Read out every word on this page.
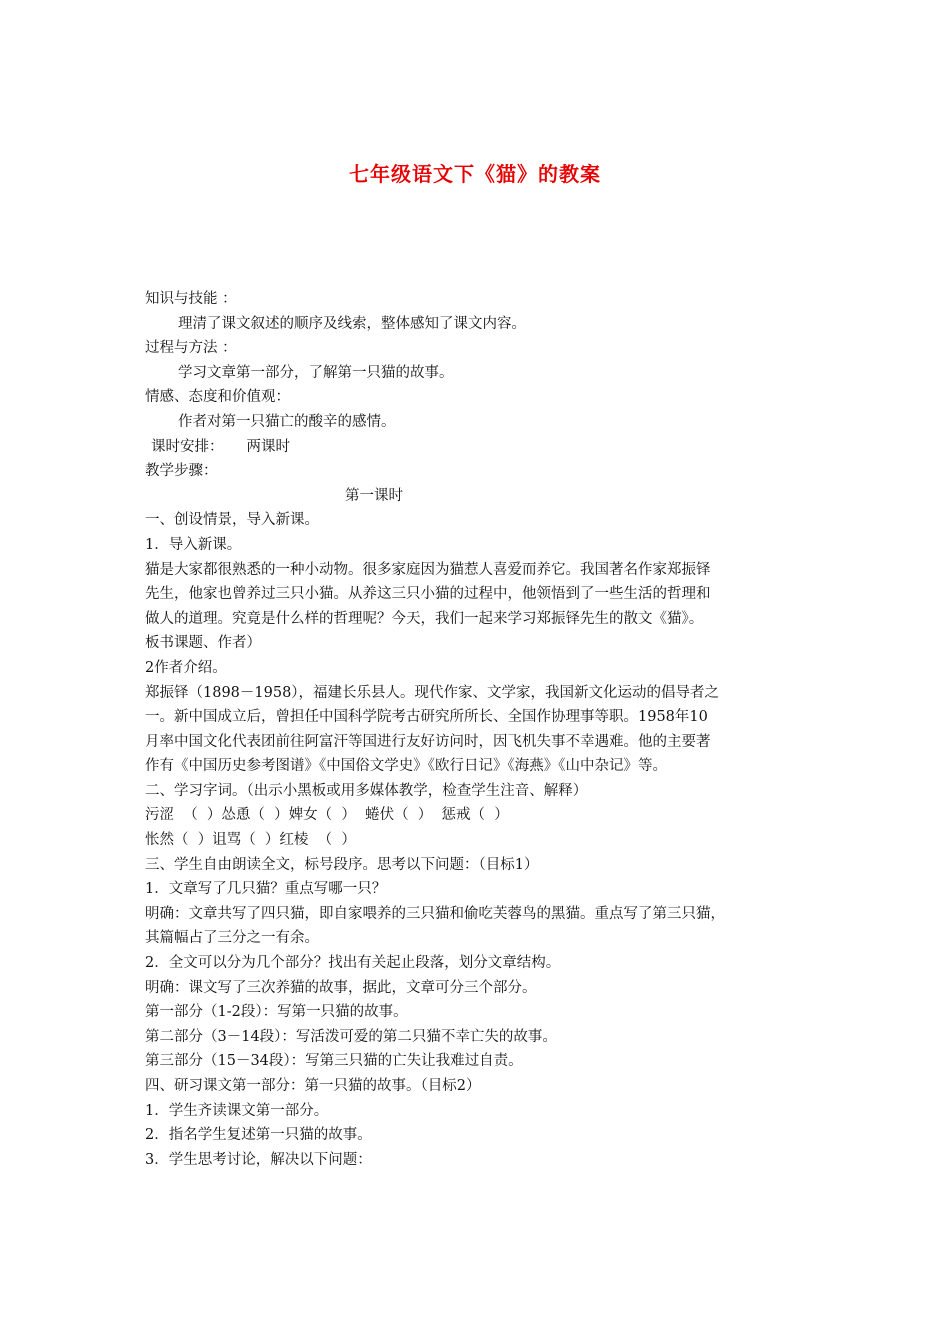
七年级语文下《猫》的教案
知识与技能 ：
理清了课文叙述的顺序及线索，整体感知了课文内容。
过程与方法 ：
学习文章第一部分，了解第一只猫的故事。
情感、态度和价值观：
作者对第一只猫亡的酸辛的感情。
课时安排：     两课时
教学步骤：
第一课时
一、创设情景，导入新课。
1．导入新课。
猫是大家都很熟悉的一种小动物。很多家庭因为猫惹人喜爱而养它。我国著名作家郑振铎
先生，他家也曾养过三只小猫。从养这三只小猫的过程中，他领悟到了一些生活的哲理和
做人的道理。究竟是什么样的哲理呢？今天，我们一起来学习郑振铎先生的散文《猫》。
板书课题、作者）
2作者介绍。
郑振铎（1898－1958），福建长乐县人。现代作家、文学家，我国新文化运动的倡导者之
一。新中国成立后，曾担任中国科学院考古研究所所长、全国作协理事等职。1958年10
月率中国文化代表团前往阿富汗等国进行友好访问时，因飞机失事不幸遇难。他的主要著
作有《中国历史参考图谱》《中国俗文学史》《欧行日记》《海燕》《山中杂记》等。
二、学习字词。（出示小黑板或用多媒体教学，检查学生注音、解释）
污涩  （  ）怂恿（  ）婢女（  ）  蜷伏（  ）  惩戒（  ）
怅然（  ）诅骂（  ）红棱  （  ）
三、学生自由朗读全文，标号段序。思考以下问题：（目标1）
1．文章写了几只猫？重点写哪一只？
明确：文章共写了四只猫，即自家喂养的三只猫和偷吃芙蓉鸟的黑猫。重点写了第三只猫，
其篇幅占了三分之一有余。
2．全文可以分为几个部分？找出有关起止段落，划分文章结构。
明确：课文写了三次养猫的故事，据此，文章可分三个部分。
第一部分（1-2段）：写第一只猫的故事。
第二部分（3－14段）：写活泼可爱的第二只猫不幸亡失的故事。
第三部分（15－34段）：写第三只猫的亡失让我难过自责。
四、研习课文第一部分：第一只猫的故事。（目标2）
1．学生齐读课文第一部分。
2．指名学生复述第一只猫的故事。
3．学生思考讨论，解决以下问题：
